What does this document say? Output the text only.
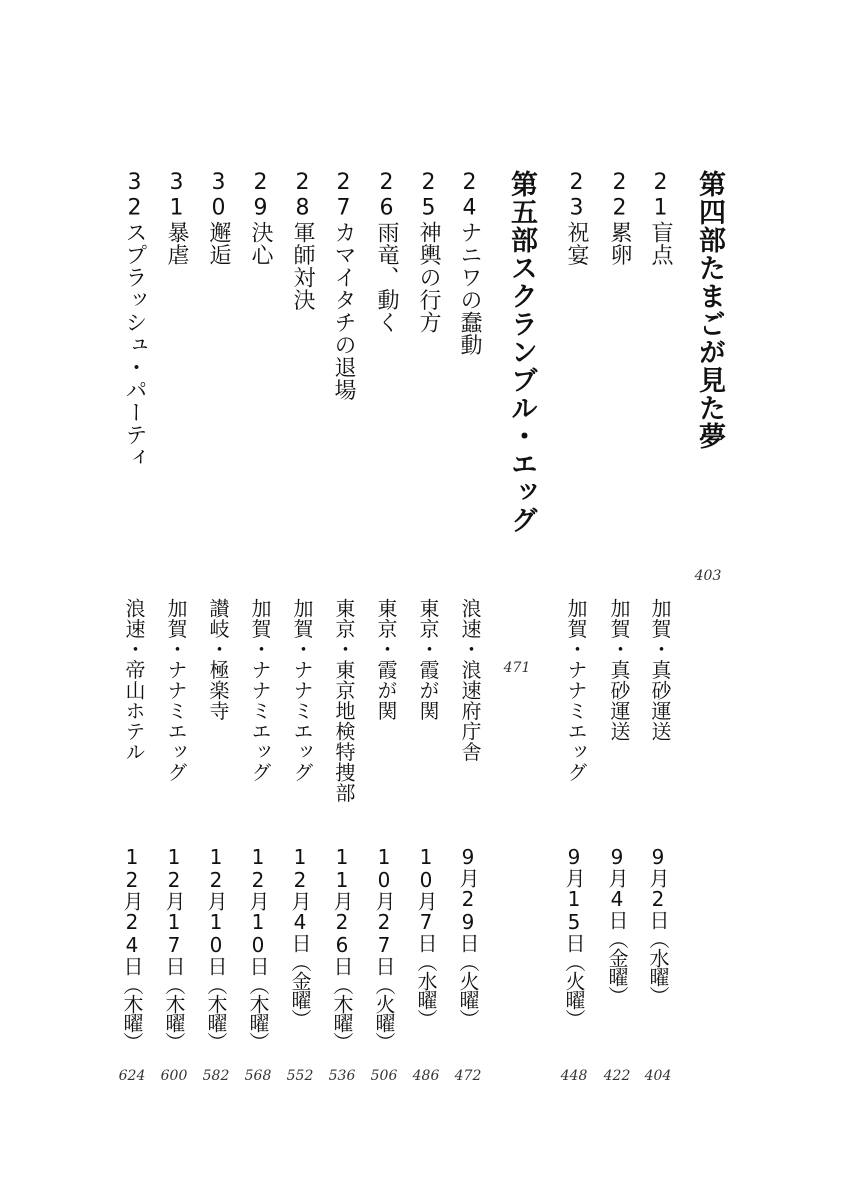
第四部たまごが見た夢
403
第五部スクランブル・エッグ
471
21盲点
22累卵
23祝宴
24ナニワの蠢動
25神輿の行方
26雨竜、動く
27カマイタチの退場
28軍師対決
29決心
30邂逅
31暴虐
32スプラッシュ・パーティ
加賀・真砂運送
加賀・真砂運送
加賀・ナナミエッグ
浪速・浪速府庁舎
東京・霞が関
東京・霞が関
東京・東京地検特捜部
加賀・ナナミエッグ
加賀・ナナミエッグ
讃岐・極楽寺
加賀・ナナミエッグ
浪速・帝山ホテル
9月2日（水曜）
9月4日（金曜）
9月15日（火曜）
9月29日（火曜）
10月7日（水曜）
10月27日（火曜）
11月26日（木曜）
12月4日（金曜）
12月10日（木曜）
12月10日（木曜）
12月17日（木曜）
12月24日（木曜）
404
422
448
472
486
506
536
552
568
582
600
624
